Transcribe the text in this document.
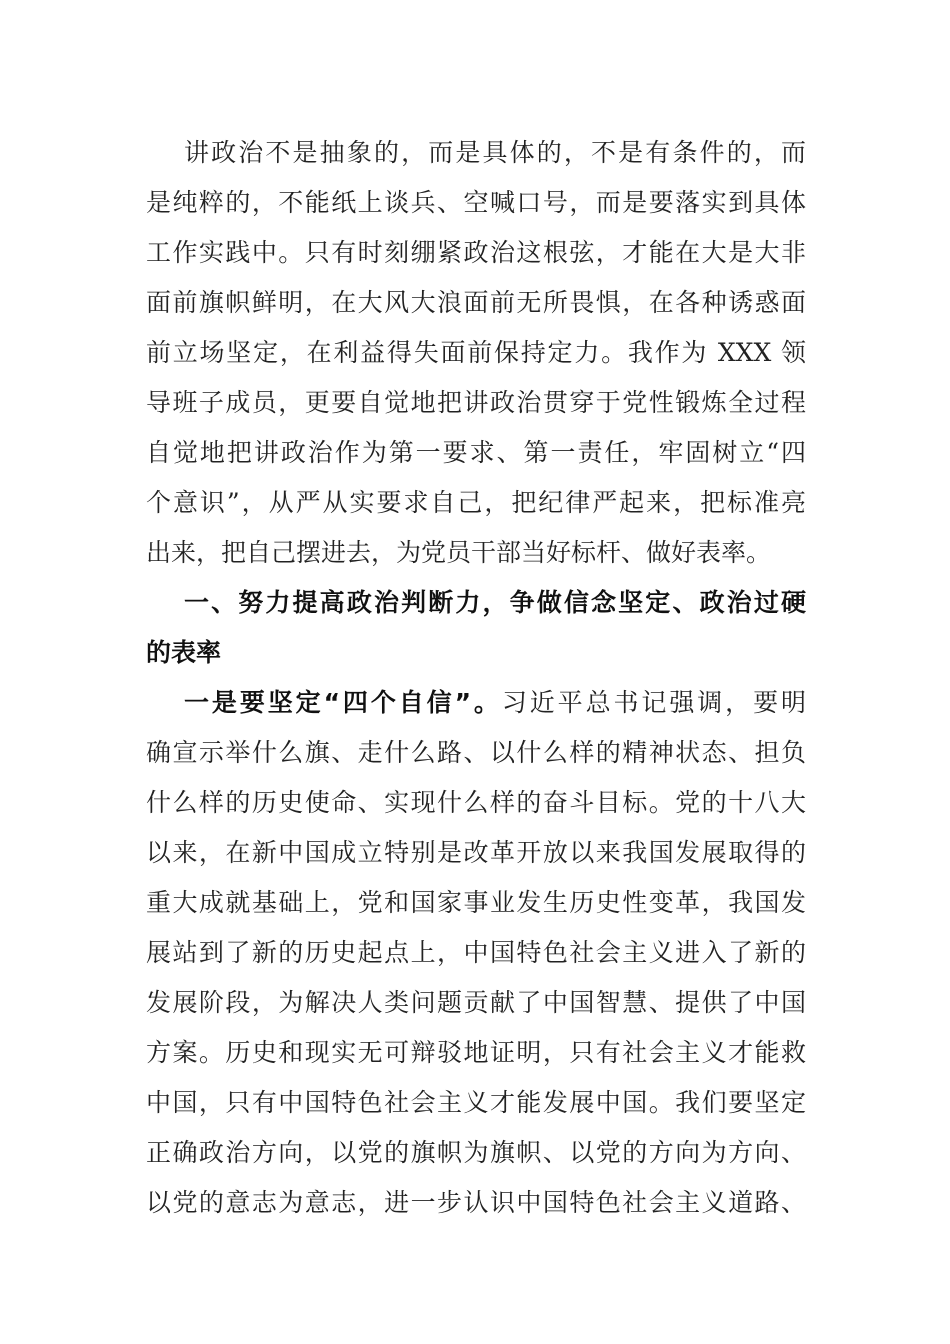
讲政治不是抽象的，而是具体的，不是有条件的，而
是纯粹的，不能纸上谈兵、空喊口号，而是要落实到具体
工作实践中。只有时刻绷紧政治这根弦，才能在大是大非
面前旗帜鲜明，在大风大浪面前无所畏惧，在各种诱惑面
前立场坚定，在利益得失面前保持定力。我作为 XXX 领
导班子成员，更要自觉地把讲政治贯穿于党性锻炼全过程
自觉地把讲政治作为第一要求、第一责任，牢固树立“四
个意识”，从严从实要求自己，把纪律严起来，把标准亮
出来，把自己摆进去，为党员干部当好标杆、做好表率。
一、努力提高政治判断力，争做信念坚定、政治过硬
的表率
一是要坚定“四个自信”。习近平总书记强调，要明
确宣示举什么旗、走什么路、以什么样的精神状态、担负
什么样的历史使命、实现什么样的奋斗目标。党的十八大
以来，在新中国成立特别是改革开放以来我国发展取得的
重大成就基础上，党和国家事业发生历史性变革，我国发
展站到了新的历史起点上，中国特色社会主义进入了新的
发展阶段，为解决人类问题贡献了中国智慧、提供了中国
方案。历史和现实无可辩驳地证明，只有社会主义才能救
中国，只有中国特色社会主义才能发展中国。我们要坚定
正确政治方向，以党的旗帜为旗帜、以党的方向为方向、
以党的意志为意志，进一步认识中国特色社会主义道路、
